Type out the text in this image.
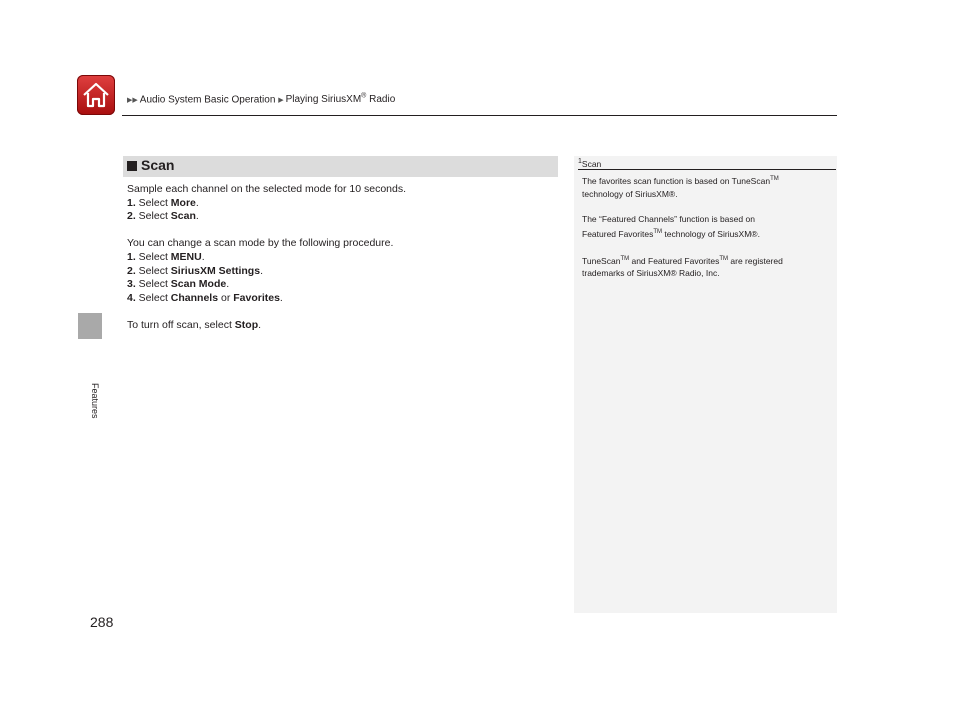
▶▶ Audio System Basic Operation ▶ Playing SiriusXM® Radio
Features
Scan

Sample each channel on the selected mode for 10 seconds.

1. Select More.

2. Select Scan.

You can change a scan mode by the following procedure.

1. Select MENU.

2. Select SiriusXM Settings.

3. Select Scan Mode.

4. Select Channels or Favorites.

To turn off scan, select Stop.

$^1$Scan

The favorites scan function is based on TuneScan™
technology of SiriusXM®.

The “Featured Channels” function is based on
Featured Favorites™ technology of SiriusXM®.

TuneScan™ and Featured Favorites™ are registered
trademarks of SiriusXM® Radio, Inc.

288
